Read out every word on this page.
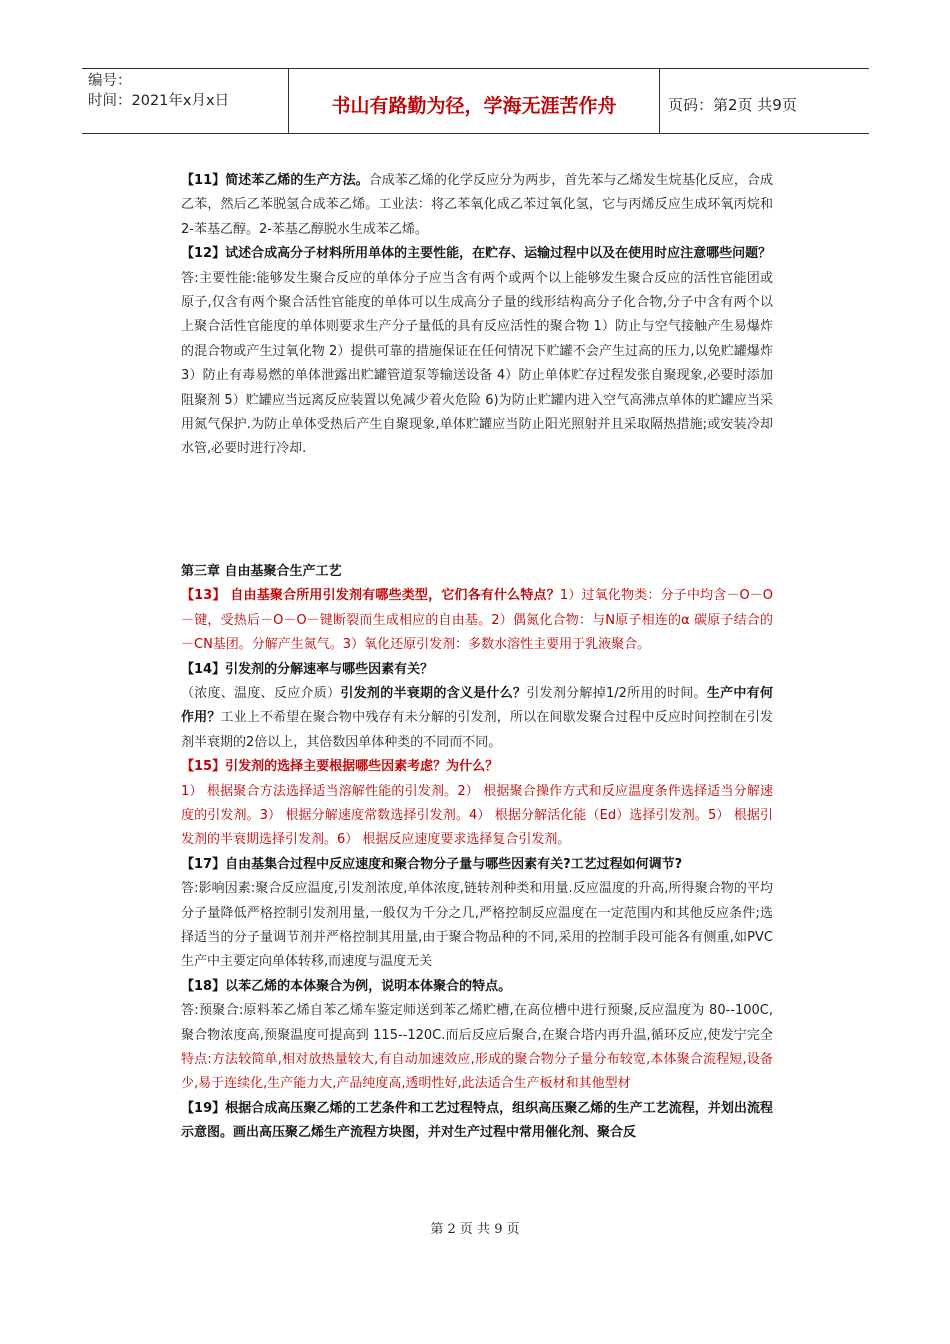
编号：
时间：2021年x月x日	书山有路勤为径，学海无涯苦作舟	页码：第2页 共9页

【11】简述苯乙烯的生产方法。合成苯乙烯的化学反应分为两步，首先苯与乙烯发生烷基化反应，合成乙苯，然后乙苯脱氢合成苯乙烯。工业法：将乙苯氧化成乙苯过氧化氢，它与丙烯反应生成环氧丙烷和2-苯基乙醇。2-苯基乙醇脱水生成苯乙烯。

【12】试述合成高分子材料所用单体的主要性能，在贮存、运输过程中以及在使用时应注意哪些问题？

答:主要性能:能够发生聚合反应的单体分子应当含有两个或两个以上能够发生聚合反应的活性官能团或原子,仅含有两个聚合活性官能度的单体可以生成高分子量的线形结构高分子化合物,分子中含有两个以上聚合活性官能度的单体则要求生产分子量低的具有反应活性的聚合物 1）防止与空气接触产生易爆炸的混合物或产生过氧化物 2）提供可靠的措施保证在任何情况下贮罐不会产生过高的压力,以免贮罐爆炸 3）防止有毒易燃的单体泄露出贮罐管道泵等输送设备 4）防止单体贮存过程发张自聚现象,必要时添加阻聚剂 5）贮罐应当远离反应装置以免减少着火危险 6)为防止贮罐内进入空气高沸点单体的贮罐应当采用氮气保护.为防止单体受热后产生自聚现象,单体贮罐应当防止阳光照射并且采取隔热措施;或安装冷却水管,必要时进行冷却.

第三章 自由基聚合生产工艺

【13】 自由基聚合所用引发剂有哪些类型，它们各有什么特点？1）过氧化物类：分子中均含－O－O－键，受热后－O－O－键断裂而生成相应的自由基。2）偶氮化合物：与N原子相连的α 碳原子结合的－CN基团。分解产生氮气。3）氧化还原引发剂：多数水溶性主要用于乳液聚合。

【14】引发剂的分解速率与哪些因素有关？

（浓度、温度、反应介质）引发剂的半衰期的含义是什么？引发剂分解掉1/2所用的时间。生产中有何作用？工业上不希望在聚合物中残存有未分解的引发剂，所以在间歇发聚合过程中反应时间控制在引发剂半衰期的2倍以上，其倍数因单体种类的不同而不同。

【15】引发剂的选择主要根据哪些因素考虑？为什么？

1） 根据聚合方法选择适当溶解性能的引发剂。2） 根据聚合操作方式和反应温度条件选择适当分解速度的引发剂。3） 根据分解速度常数选择引发剂。4） 根据分解活化能（Ed）选择引发剂。5） 根据引发剂的半衰期选择引发剂。6） 根据反应速度要求选择复合引发剂。

【17】自由基集合过程中反应速度和聚合物分子量与哪些因素有关?工艺过程如何调节?

答:影响因素:聚合反应温度,引发剂浓度,单体浓度,链转剂种类和用量.反应温度的升高,所得聚合物的平均分子量降低严格控制引发剂用量,一般仅为千分之几,严格控制反应温度在一定范围内和其他反应条件;选择适当的分子量调节剂并严格控制其用量,由于聚合物品种的不同,采用的控制手段可能各有侧重,如PVC生产中主要定向单体转移,而速度与温度无关

【18】以苯乙烯的本体聚合为例，说明本体聚合的特点。

答:预聚合:原料苯乙烯自苯乙烯车鉴定师送到苯乙烯贮槽,在高位槽中进行预聚,反应温度为 80--100C,聚合物浓度高,预聚温度可提高到 115--120C.而后反应后聚合,在聚合塔内再升温,循环反应,使发宁完全特点:方法较简单,相对放热量较大,有自动加速效应,形成的聚合物分子量分布较宽,本体聚合流程短,设备少,易于连续化,生产能力大,产品纯度高,透明性好,此法适合生产板材和其他型材

【19】根据合成高压聚乙烯的工艺条件和工艺过程特点，组织高压聚乙烯的生产工艺流程，并划出流程示意图。画出高压聚乙烯生产流程方块图，并对生产过程中常用催化剂、聚合反

第 2 页 共 9 页
